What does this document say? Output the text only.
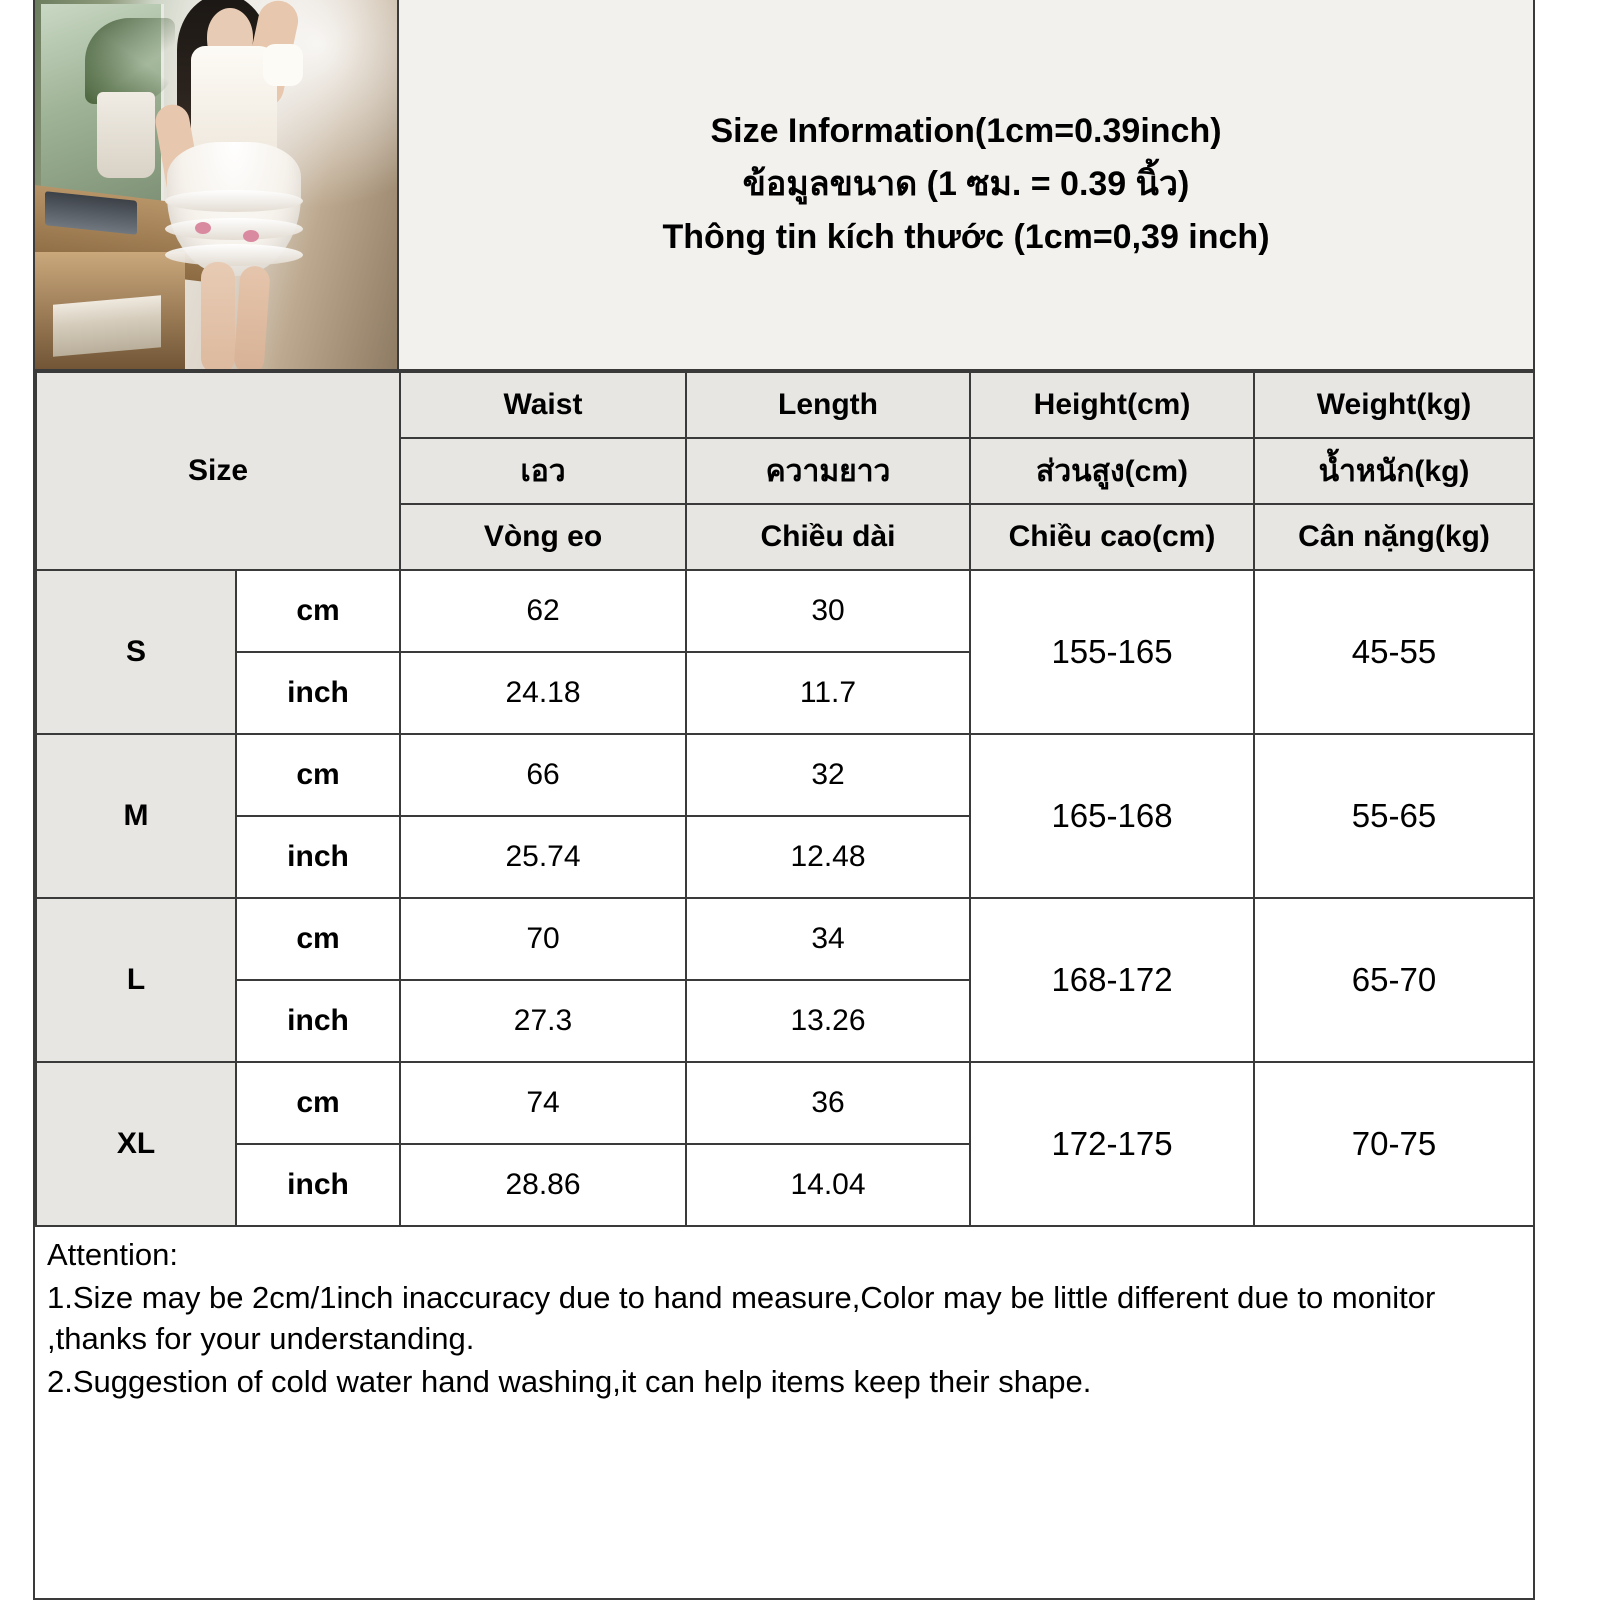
Size Information(1cm=0.39inch)
ข้อมูลขนาด (1 ซม. = 0.39 นิ้ว)
Thông tin kích thước (1cm=0,39 inch)
Size		Waist	Length	Height(cm)	Weight(kg)
		เอว	ความยาว	ส่วนสูง(cm)	น้ำหนัก(kg)
		Vòng eo	Chiều dài	Chiều cao(cm)	Cân nặng(kg)
S	cm	62	30	155-165	45-55
	inch	24.18	11.7		
M	cm	66	32	165-168	55-65
	inch	25.74	12.48		
L	cm	70	34	168-172	65-70
	inch	27.3	13.26		
XL	cm	74	36	172-175	70-75
	inch	28.86	14.04		

Attention:

1.Size may be 2cm/1inch inaccuracy due to hand measure,Color may be little different due to monitor ,thanks for your understanding.

2.Suggestion of cold water hand washing,it can help items keep their shape.
